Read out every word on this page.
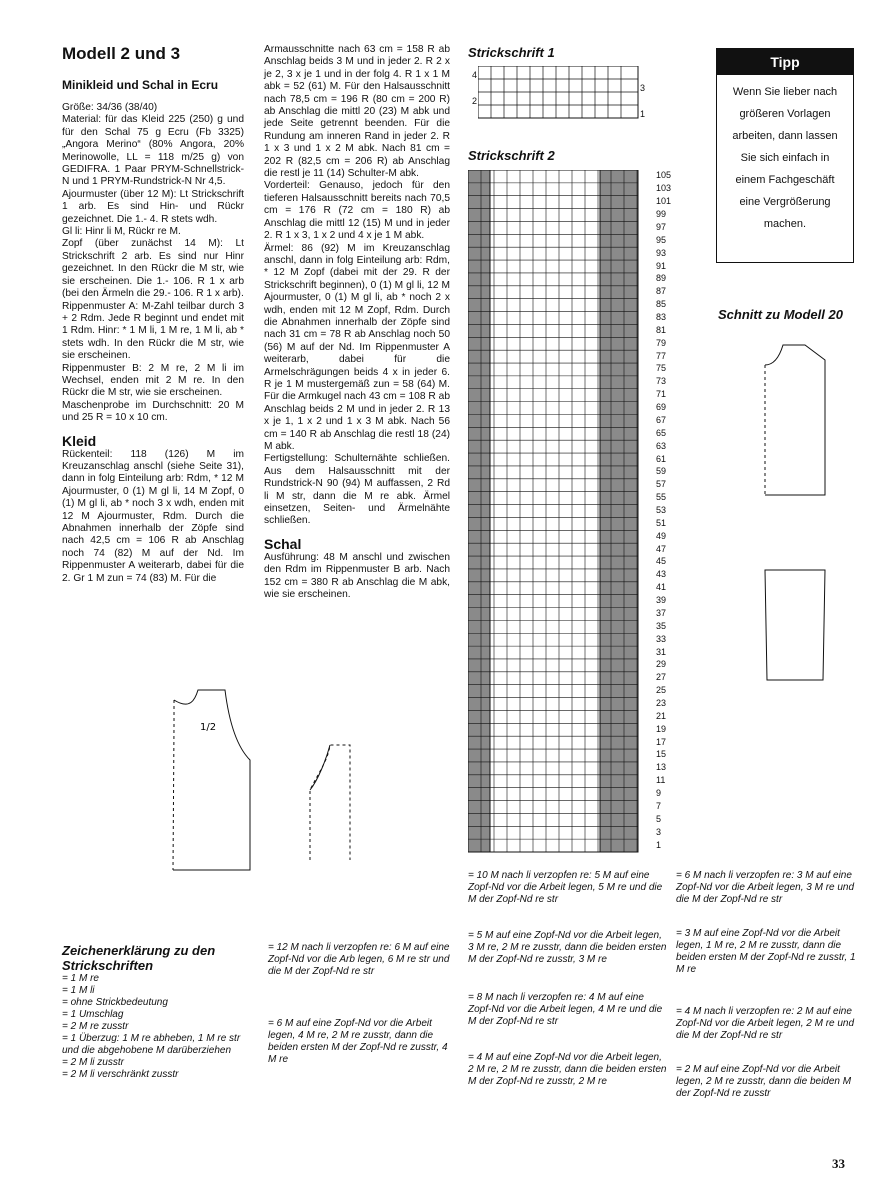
Modell 2 und 3
Minikleid und Schal in Ecru
Größe: 34/36 (38/40)
Material: für das Kleid 225 (250) g und für den Schal 75 g Ecru (Fb 3325) „Angora Merino“ (80% Angora, 20% Merinowolle, LL = 118 m/25 g) von GEDIFRA. 1 Paar PRYM-Schnellstrick-N und 1 PRYM-Rundstrick-N Nr 4,5.
Ajourmuster (über 12 M): Lt Strickschrift 1 arb. Es sind Hin- und Rückr gezeichnet. Die 1.- 4. R stets wdh.
Gl li: Hinr li M, Rückr re M.
Zopf (über zunächst 14 M): Lt Strickschrift 2 arb. Es sind nur Hinr gezeichnet. In den Rückr die M str, wie sie erscheinen. Die 1.- 106. R 1 x arb (bei den Ärmeln die 29.- 106. R 1 x arb).
Rippenmuster A: M-Zahl teilbar durch 3 + 2 Rdm. Jede R beginnt und endet mit 1 Rdm. Hinr: * 1 M li, 1 M re, 1 M li, ab * stets wdh. In den Rückr die M str, wie sie erscheinen.
Rippenmuster B: 2 M re, 2 M li im Wechsel, enden mit 2 M re. In den Rückr die M str, wie sie erscheinen.
Maschenprobe im Durchschnitt: 20 M und 25 R = 10 x 10 cm.
Kleid
Rückenteil: 118 (126) M im Kreuzanschlag anschl (siehe Seite 31), dann in folg Einteilung arb: Rdm, * 12 M Ajourmuster, 0 (1) M gl li, 14 M Zopf, 0 (1) M gl li, ab * noch 3 x wdh, enden mit 12 M Ajourmuster, Rdm. Durch die Abnahmen innerhalb der Zöpfe sind nach 42,5 cm = 106 R ab Anschlag noch 74 (82) M auf der Nd. Im Rippenmuster A weiterarb, dabei für die 2. Gr 1 M zun = 74 (83) M. Für die
Armausschnitte nach 63 cm = 158 R ab Anschlag beids 3 M und in jeder 2. R 2 x je 2, 3 x je 1 und in der folg 4. R 1 x 1 M abk = 52 (61) M. Für den Halsausschnitt nach 78,5 cm = 196 R (80 cm = 200 R) ab Anschlag die mittl 20 (23) M abk und jede Seite getrennt beenden. Für die Rundung am inneren Rand in jeder 2. R 1 x 3 und 1 x 2 M abk. Nach 81 cm = 202 R (82,5 cm = 206 R) ab Anschlag die restl je 11 (14) Schulter-M abk.
Vorderteil: Genauso, jedoch für den tieferen Halsausschnitt bereits nach 70,5 cm = 176 R (72 cm = 180 R) ab Anschlag die mittl 12 (15) M und in jeder 2. R 1 x 3, 1 x 2 und 4 x je 1 M abk.
Ärmel: 86 (92) M im Kreuzanschlag anschl, dann in folg Einteilung arb: Rdm, * 12 M Zopf (dabei mit der 29. R der Strickschrift beginnen), 0 (1) M gl li, 12 M Ajourmuster, 0 (1) M gl li, ab * noch 2 x wdh, enden mit 12 M Zopf, Rdm. Durch die Abnahmen innerhalb der Zöpfe sind nach 31 cm = 78 R ab Anschlag noch 50 (56) M auf der Nd. Im Rippenmuster A weiterarb, dabei für die Armelschrägungen beids 4 x in jeder 6. R je 1 M mustergemäß zun = 58 (64) M. Für die Armkugel nach 43 cm = 108 R ab Anschlag beids 2 M und in jeder 2. R 13 x je 1, 1 x 2 und 1 x 3 M abk. Nach 56 cm = 140 R ab Anschlag die restl 18 (24) M abk.
Fertigstellung: Schulternähte schließen. Aus dem Halsausschnitt mit der Rundstrick-N 90 (94) M auffassen, 2 Rd li M str, dann die M re abk. Ärmel einsetzen, Seiten- und Ärmelnähte schließen.
Schal
Ausführung: 48 M anschl und zwischen den Rdm im Rippenmuster B arb. Nach 152 cm = 380 R ab Anschlag die M abk, wie sie erscheinen.
1/2
Strickschrift 1
Strickschrift 2
4
3
2
1
105
103
101
99
97
95
93
91
89
87
85
83
81
79
77
75
73
71
69
67
65
63
61
59
57
55
53
51
49
47
45
43
41
39
37
35
33
31
29
27
25
23
21
19
17
15
13
11
9
7
5
3
1
Tipp
Wenn Sie lieber nach größeren Vorlagen arbeiten, dann lassen Sie sich einfach in einem Fachgeschäft eine Vergrößerung machen.
Schnitt zu Modell 20
Zeichenerklärung zu den Strickschriften
= 1 M re
= 1 M li
= ohne Strickbedeutung
= 1 Umschlag
= 2 M re zusstr
= 1 Überzug: 1 M re abheben, 1 M re str und die abgehobene M darüberziehen
= 2 M li zusstr
= 2 M li verschränkt zusstr
= 12 M nach li verzopfen re: 6 M auf eine Zopf-Nd vor die Arb legen, 6 M re str und die M der Zopf-Nd re str
= 6 M auf eine Zopf-Nd vor die Arbeit legen, 4 M re, 2 M re zusstr, dann die beiden ersten M der Zopf-Nd re zusstr, 4 M re
= 10 M nach li verzopfen re: 5 M auf eine Zopf-Nd vor die Arbeit legen, 5 M re und die M der Zopf-Nd re str
= 5 M auf eine Zopf-Nd vor die Arbeit legen, 3 M re, 2 M re zusstr, dann die beiden ersten M der Zopf-Nd re zusstr, 3 M re
= 8 M nach li verzopfen re: 4 M auf eine Zopf-Nd vor die Arbeit legen, 4 M re und die M der Zopf-Nd re str
= 4 M auf eine Zopf-Nd vor die Arbeit legen, 2 M re, 2 M re zusstr, dann die beiden ersten M der Zopf-Nd re zusstr, 2 M re
= 6 M nach li verzopfen re: 3 M auf eine Zopf-Nd vor die Arbeit legen, 3 M re und die M der Zopf-Nd re str
= 3 M auf eine Zopf-Nd vor die Arbeit legen, 1 M re, 2 M re zusstr, dann die beiden ersten M der Zopf-Nd re zusstr, 1 M re
= 4 M nach li verzopfen re: 2 M auf eine Zopf-Nd vor die Arbeit legen, 2 M re und die M der Zopf-Nd re str
= 2 M auf eine Zopf-Nd vor die Arbeit legen, 2 M re zusstr, dann die beiden M der Zopf-Nd re zusstr
33
